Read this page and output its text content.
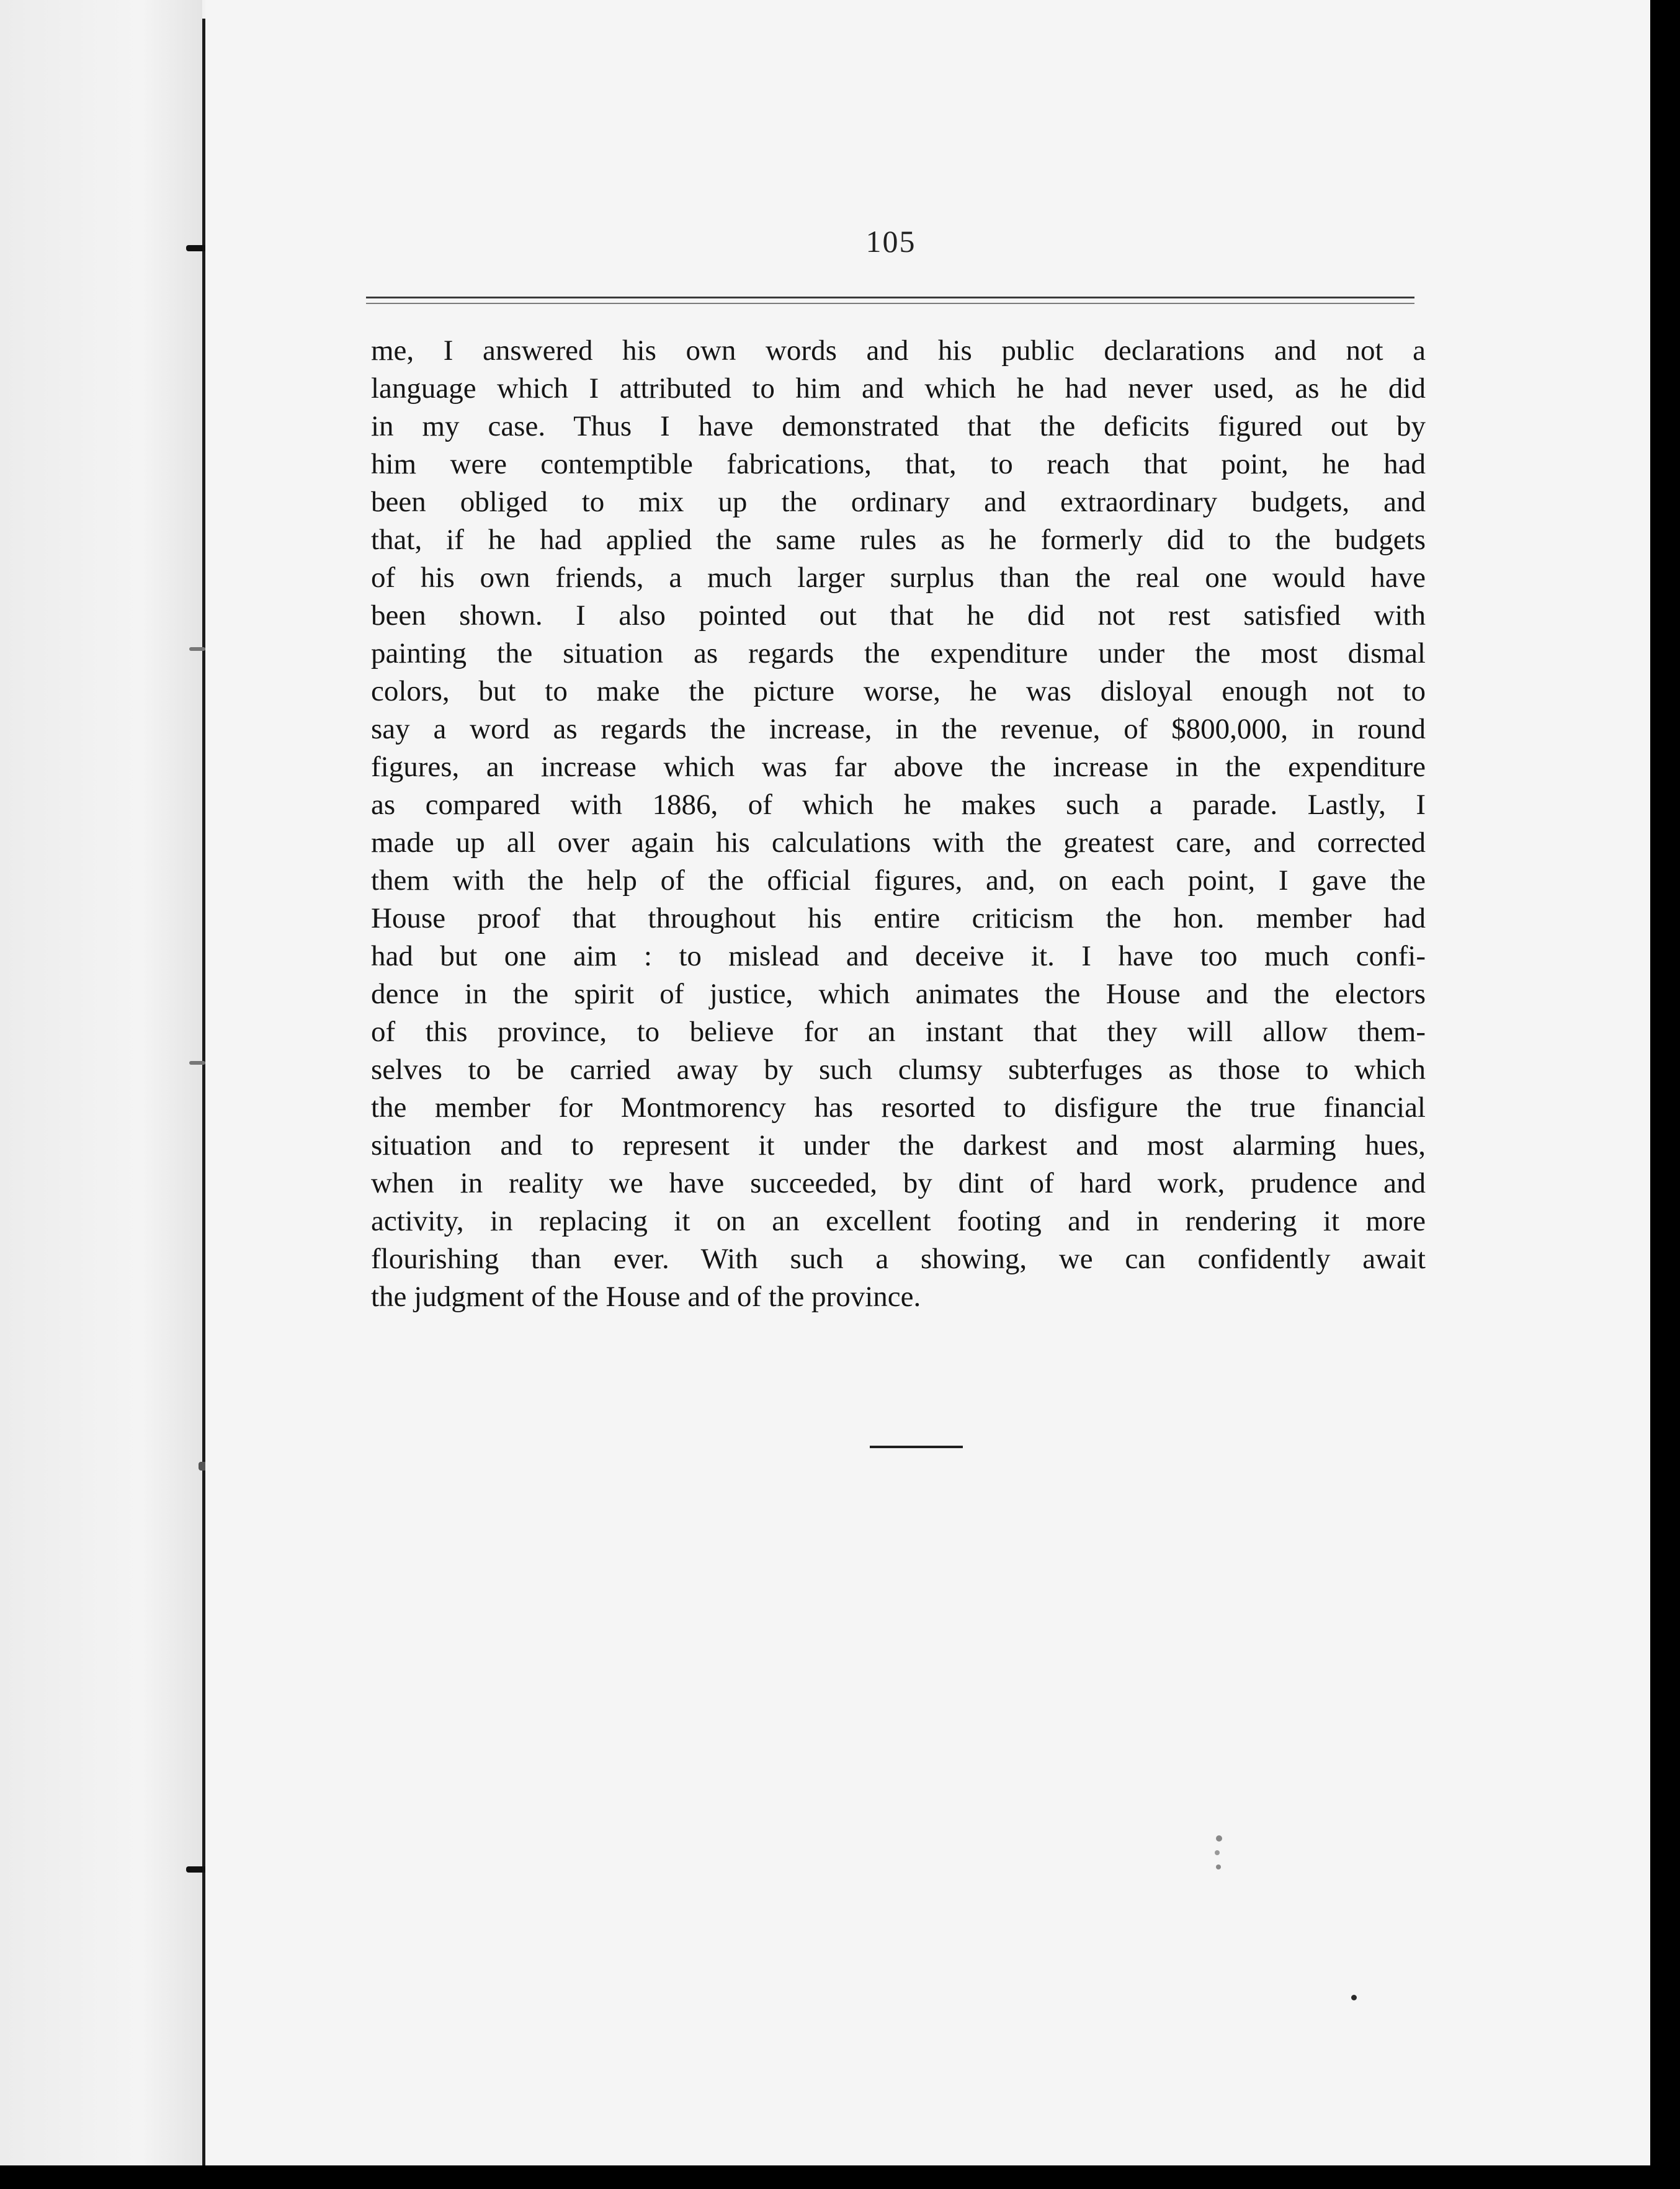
105
me, I answered his own words and his public declarations and not a
language which I attributed to him and which he had never used, as he did
in my case. Thus I have demonstrated that the deficits figured out by
him were contemptible fabrications, that, to reach that point, he had
been obliged to mix up the ordinary and extraordinary budgets, and
that, if he had applied the same rules as he formerly did to the budgets
of his own friends, a much larger surplus than the real one would have
been shown. I also pointed out that he did not rest satisfied with
painting the situation as regards the expenditure under the most dismal
colors, but to make the picture worse, he was disloyal enough not to
say a word as regards the increase, in the revenue, of $800,000, in round
figures, an increase which was far above the increase in the expenditure
as compared with 1886, of which he makes such a parade. Lastly, I
made up all over again his calculations with the greatest care, and corrected
them with the help of the official figures, and, on each point, I gave the
House proof that throughout his entire criticism the hon. member had
had but one aim : to mislead and deceive it. I have too much confi-
dence in the spirit of justice, which animates the House and the electors
of this province, to believe for an instant that they will allow them-
selves to be carried away by such clumsy subterfuges as those to which
the member for Montmorency has resorted to disfigure the true financial
situation and to represent it under the darkest and most alarming hues,
when in reality we have succeeded, by dint of hard work, prudence and
activity, in replacing it on an excellent footing and in rendering it more
flourishing than ever. With such a showing, we can confidently await
the judgment of the House and of the province.
